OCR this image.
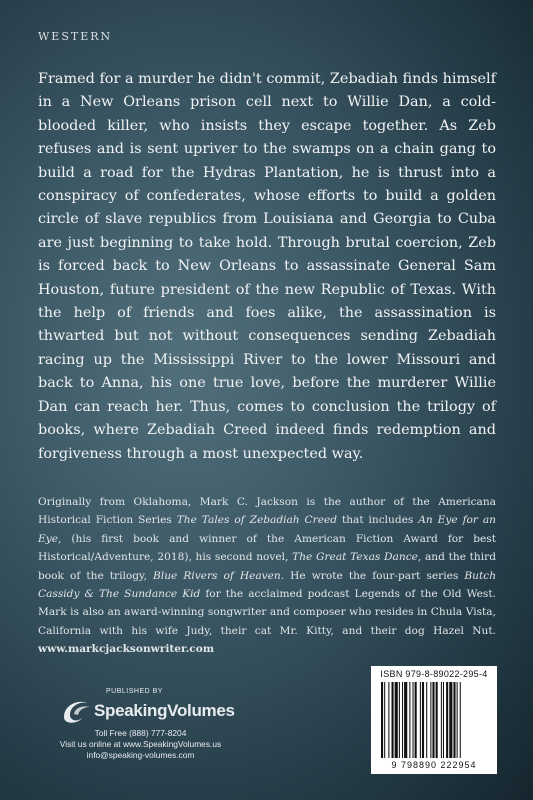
WESTERN
Framed for a murder he didn't commit, Zebadiah finds himself in a New Orleans prison cell next to Willie Dan, a cold-blooded killer, who insists they escape together. As Zeb refuses and is sent upriver to the swamps on a chain gang to build a road for the Hydras Plantation, he is thrust into a conspiracy of confederates, whose efforts to build a golden circle of slave republics from Louisiana and Georgia to Cuba are just beginning to take hold. Through brutal coercion, Zeb is forced back to New Orleans to assassinate General Sam Houston, future president of the new Republic of Texas. With the help of friends and foes alike, the assassination is thwarted but not without consequences sending Zebadiah racing up the Mississippi River to the lower Missouri and back to Anna, his one true love, before the murderer Willie Dan can reach her. Thus, comes to conclusion the trilogy of books, where Zebadiah Creed indeed finds redemption and forgiveness through a most unexpected way.
Originally from Oklahoma, Mark C. Jackson is the author of the Americana Historical Fiction Series The Tales of Zebadiah Creed that includes An Eye for an Eye, (his first book and winner of the American Fiction Award for best Historical/Adventure, 2018), his second novel, The Great Texas Dance, and the third book of the trilogy, Blue Rivers of Heaven. He wrote the four-part series Butch Cassidy & The Sundance Kid for the acclaimed podcast Legends of the Old West. Mark is also an award-winning songwriter and composer who resides in Chula Vista, California with his wife Judy, their cat Mr. Kitty, and their dog Hazel Nut. www.markcjacksonwriter.com
PUBLISHED BY
SpeakingVolumes
Toll Free (888) 777-8204
Visit us online at www.SpeakingVolumes.us
info@speaking-volumes.com
ISBN 979-8-89022-295-4
9 798890 222954
